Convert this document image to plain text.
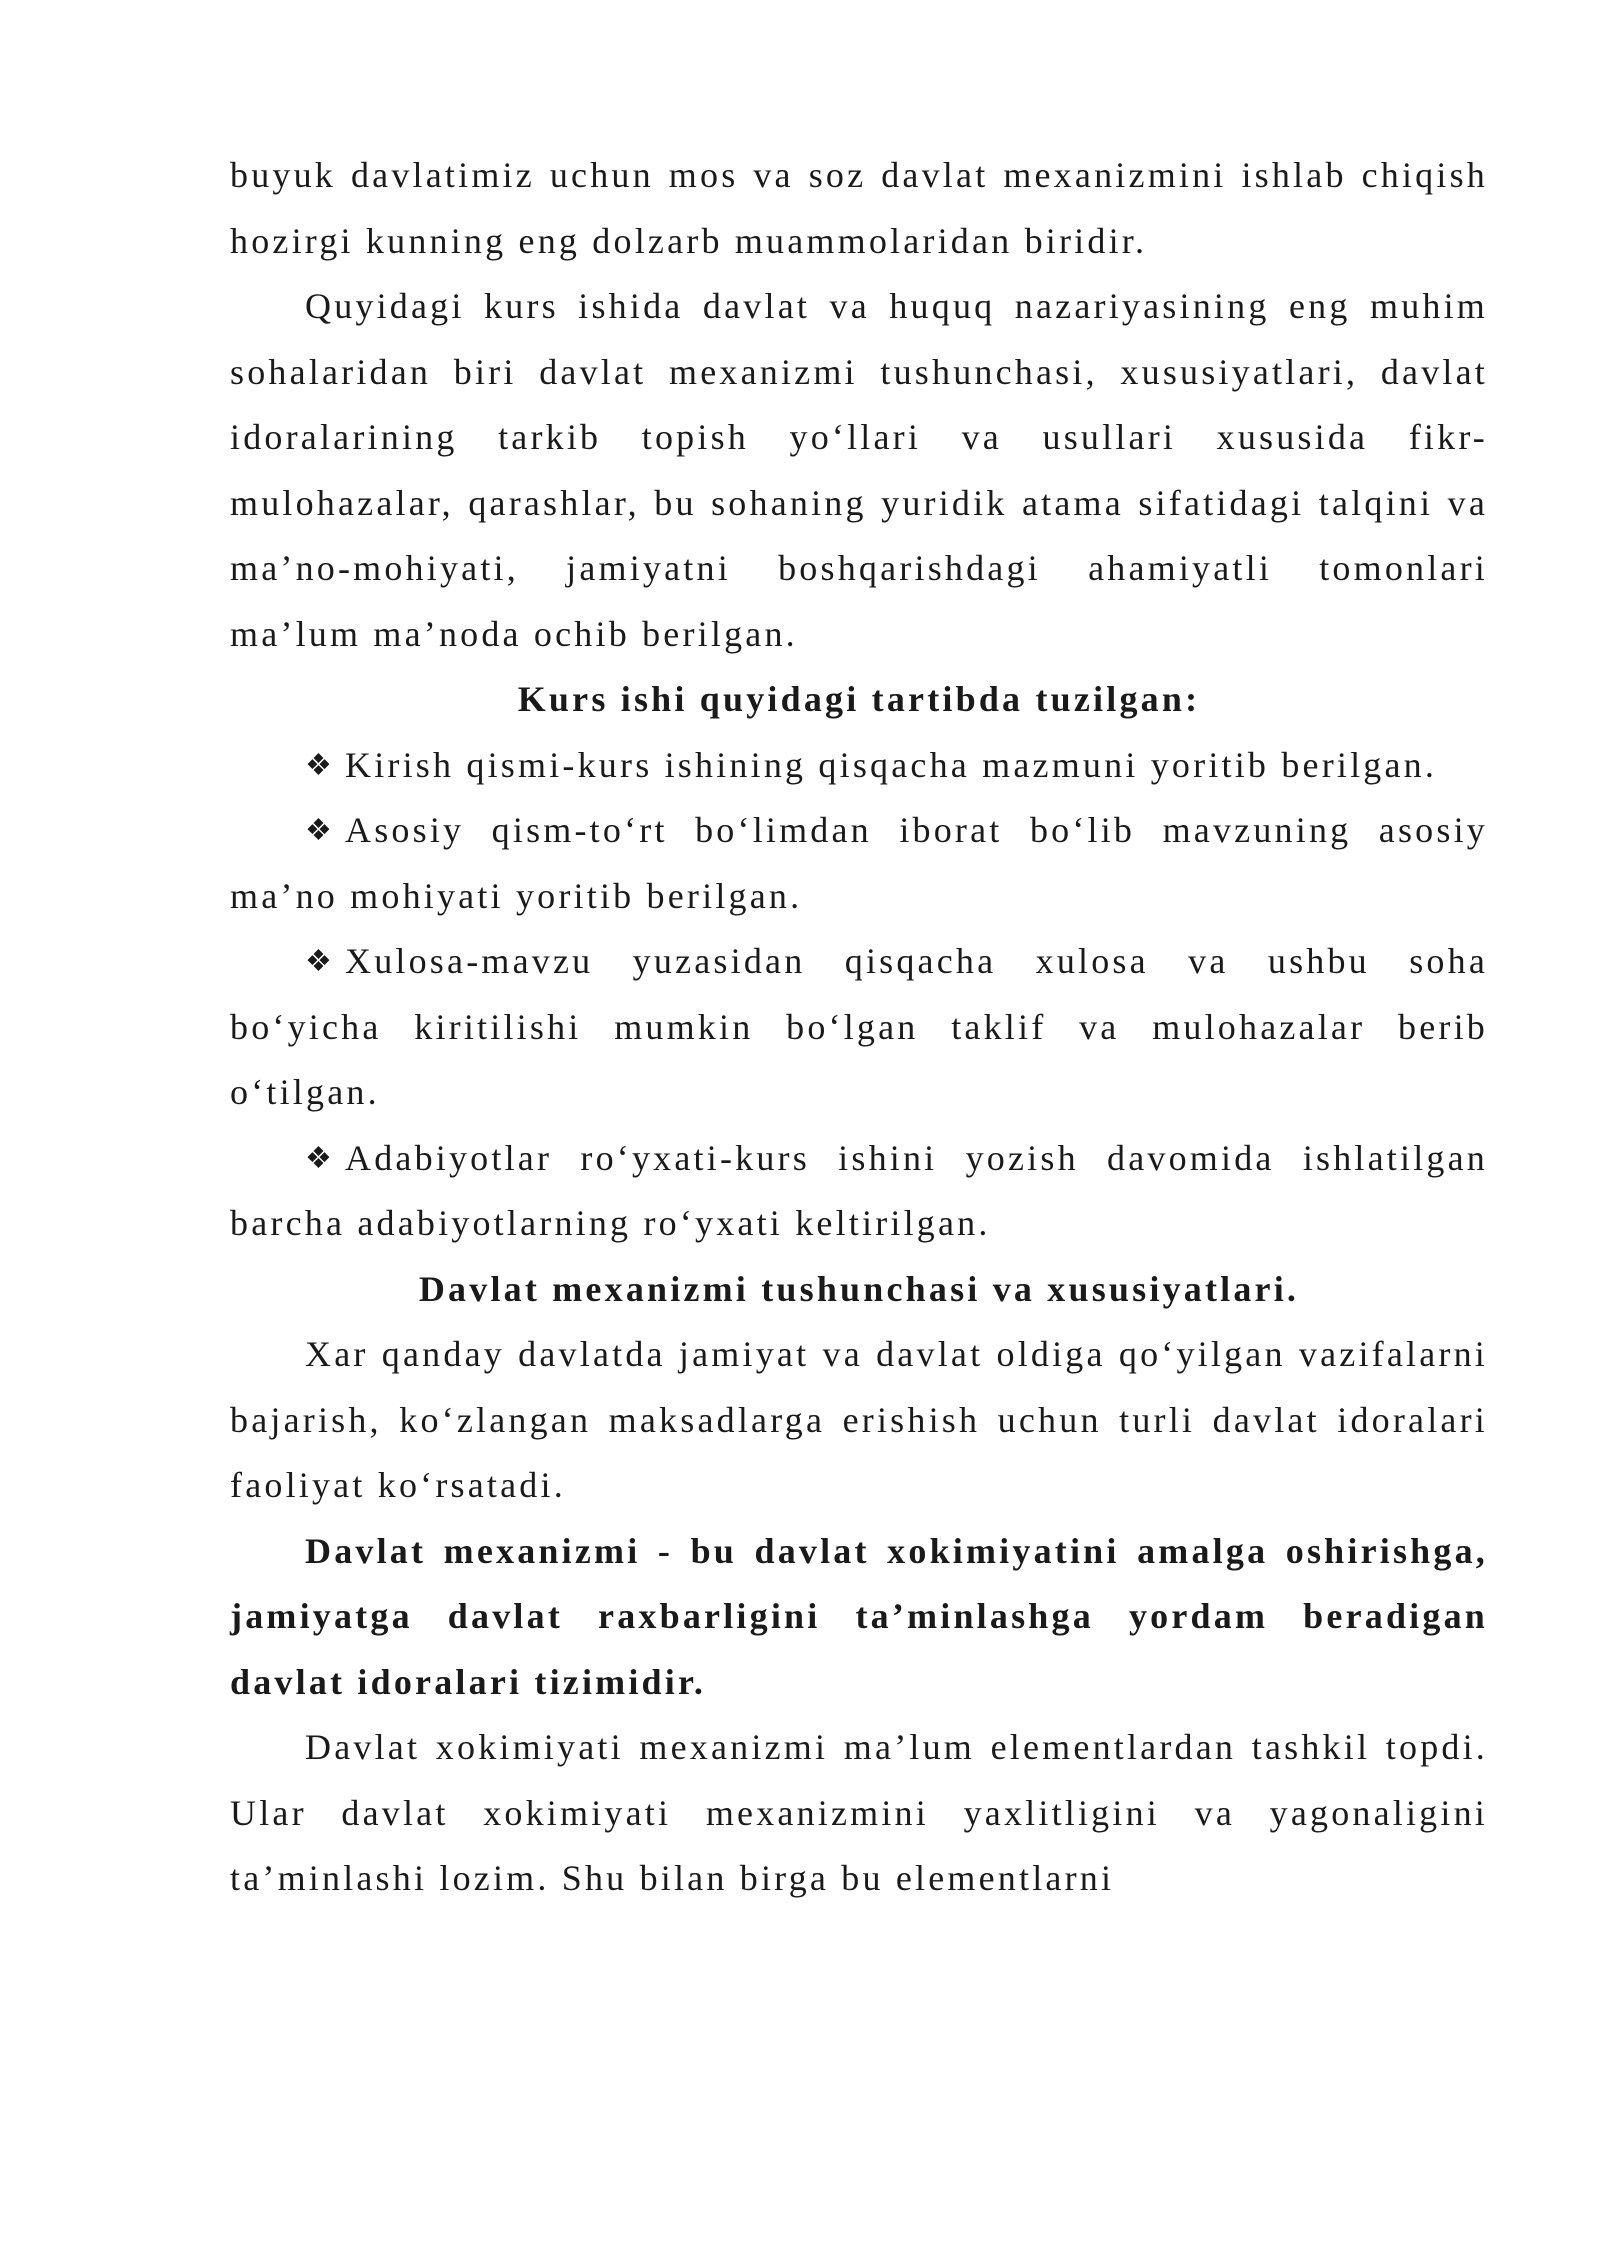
buyuk davlatimiz uchun mos va soz davlat mexanizmini ishlab chiqish hozirgi kunning eng dolzarb muammolaridan biridir.

Quyidagi kurs ishida davlat va huquq nazariyasining eng muhim sohalaridan biri davlat mexanizmi tushunchasi, xususiyatlari, davlat idoralarining tarkib topish yo‘llari va usullari xususida fikr-mulohazalar, qarashlar, bu sohaning yuridik atama sifatidagi talqini va ma’no-mohiyati, jamiyatni boshqarishdagi ahamiyatli tomonlari ma’lum ma’noda ochib berilgan.

Kurs ishi quyidagi tartibda tuzilgan:

❖ Kirish qismi-kurs ishining qisqacha mazmuni yoritib berilgan.

❖ Asosiy qism-to‘rt bo‘limdan iborat bo‘lib mavzuning asosiy ma’no mohiyati yoritib berilgan.

❖ Xulosa-mavzu yuzasidan qisqacha xulosa va ushbu soha bo‘yicha kiritilishi mumkin bo‘lgan taklif va mulohazalar berib o‘tilgan.

❖ Adabiyotlar ro‘yxati-kurs ishini yozish davomida ishlatilgan barcha adabiyotlarning ro‘yxati keltirilgan.

Davlat mexanizmi tushunchasi va xususiyatlari.

Xar qanday davlatda jamiyat va davlat oldiga qo‘yilgan vazifalarni bajarish, ko‘zlangan maksadlarga erishish uchun turli davlat idoralari faoliyat ko‘rsatadi.

Davlat mexanizmi - bu davlat xokimiyatini amalga oshirishga, jamiyatga davlat raxbarligini ta’minlashga yordam beradigan davlat idoralari tizimidir.

Davlat xokimiyati mexanizmi ma’lum elementlardan tashkil topdi. Ular davlat xokimiyati mexanizmini yaxlitligini va yagonaligini ta’minlashi lozim. Shu bilan birga bu elementlarni
